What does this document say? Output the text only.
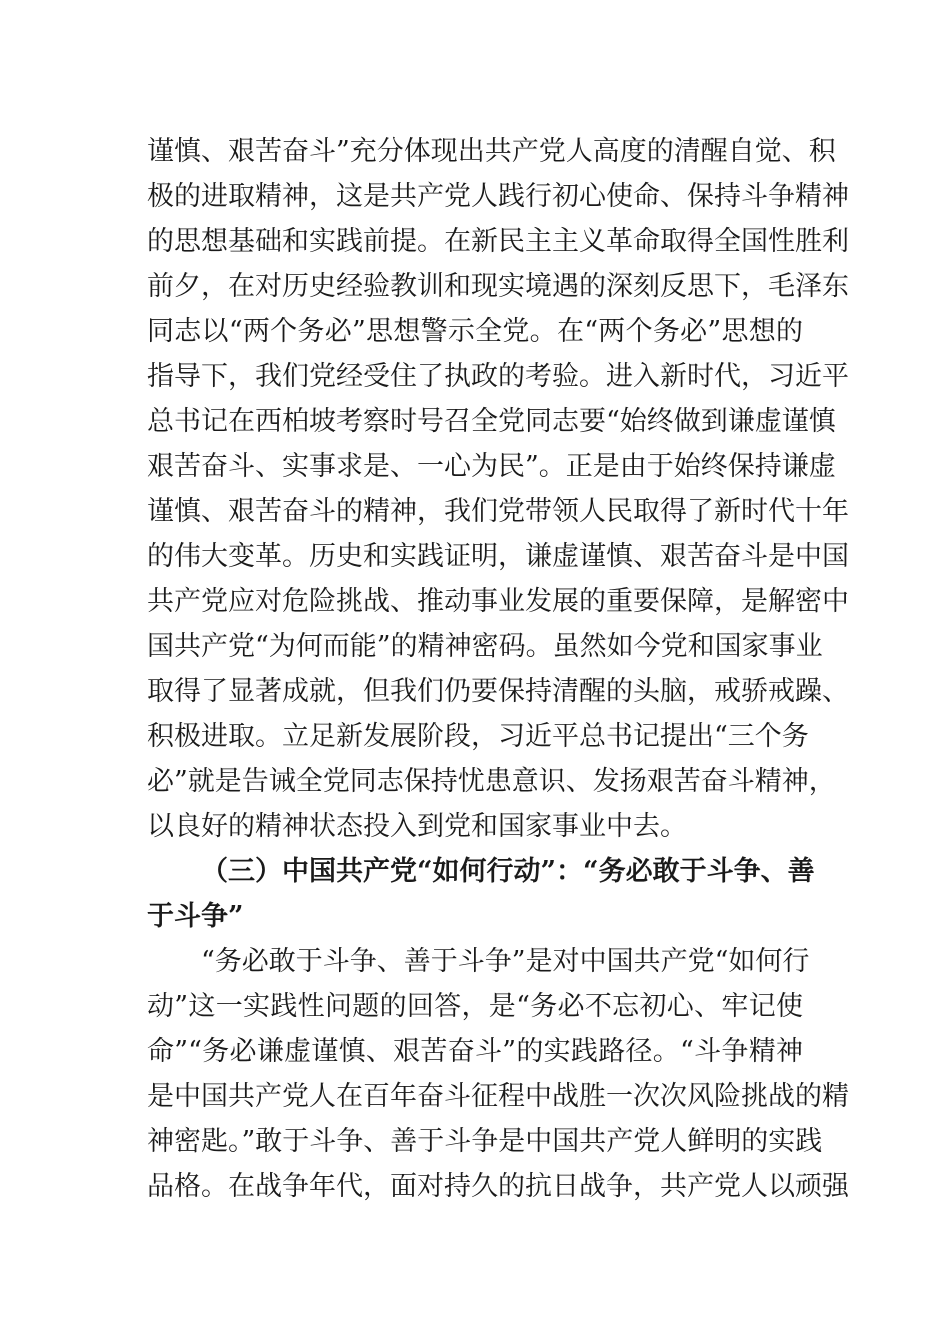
谨慎、艰苦奋斗”充分体现出共产党人高度的清醒自觉、积
极的进取精神，这是共产党人践行初心使命、保持斗争精神
的思想基础和实践前提。在新民主主义革命取得全国性胜利
前夕，在对历史经验教训和现实境遇的深刻反思下，毛泽东
同志以“两个务必”思想警示全党。在“两个务必”思想的
指导下，我们党经受住了执政的考验。进入新时代，习近平
总书记在西柏坡考察时号召全党同志要“始终做到谦虚谨慎
艰苦奋斗、实事求是、一心为民”。正是由于始终保持谦虚
谨慎、艰苦奋斗的精神，我们党带领人民取得了新时代十年
的伟大变革。历史和实践证明，谦虚谨慎、艰苦奋斗是中国
共产党应对危险挑战、推动事业发展的重要保障，是解密中
国共产党“为何而能”的精神密码。虽然如今党和国家事业
取得了显著成就，但我们仍要保持清醒的头脑，戒骄戒躁、
积极进取。立足新发展阶段，习近平总书记提出“三个务
必”就是告诫全党同志保持忧患意识、发扬艰苦奋斗精神，
以良好的精神状态投入到党和国家事业中去。
（三）中国共产党“如何行动”：“务必敢于斗争、善
于斗争”
“务必敢于斗争、善于斗争”是对中国共产党“如何行
动”这一实践性问题的回答，是“务必不忘初心、牢记使
命”“务必谦虚谨慎、艰苦奋斗”的实践路径。“斗争精神
是中国共产党人在百年奋斗征程中战胜一次次风险挑战的精
神密匙。”敢于斗争、善于斗争是中国共产党人鲜明的实践
品格。在战争年代，面对持久的抗日战争，共产党人以顽强
